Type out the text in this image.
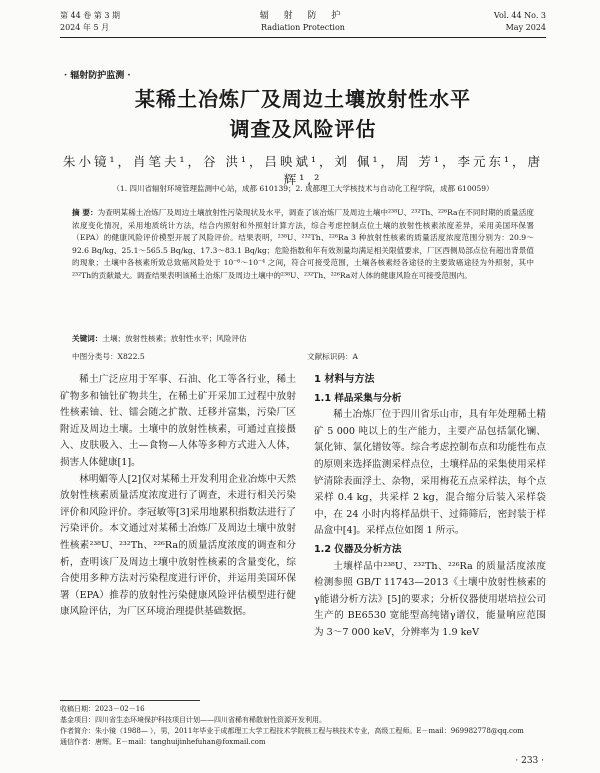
第 44 卷 第 3 期
2024 年 5 月
辐 射 防 护
Radiation Protection
Vol. 44 No. 3
May 2024
· 辐射防护监测 ·
某稀土冶炼厂及周边土壤放射性水平
调查及风险评估
朱小镜¹，肖笔夫¹，谷 洪¹，吕映斌¹，刘 佩¹，周 芳¹，李元东¹，唐 辉¹,²
（1. 四川省辐射环境管理监测中心站，成都 610139；2. 成都理工大学核技术与自动化工程学院，成都 610059）
摘 要：为查明某稀土冶炼厂及周边土壤放射性污染现状及水平，调查了该冶炼厂及周边土壤中²³⁸U、²³²Th、²²⁶Ra在不同时期的质量活度浓度变化情况，采用地质统计方法，结合内照射和外照射计算方法，综合考虑控制点位土壤的放射性核素浓度差异，采用美国环保署（EPA）的健康风险评价模型开展了风险评价。结果表明，²³⁸U、²³²Th、²²⁶Ra 3 种放射性核素的质量活度浓度范围分别为：20.9～92.6 Bq/kg、25.1～565.5 Bq/kg、17.3～83.1 Bq/kg；危险指数和年有效剂量均满足相关限值要求，厂区西侧局部点位有超出背景值的现象；土壤中各核素所致总致癌风险处于 10⁻⁶～10⁻⁴ 之间，符合可接受范围，土壤各核素经各途径的主要致癌途径为外照射，其中²³²Th的贡献最大。调查结果表明该稀土冶炼厂及周边土壤中的²³⁸U、²³²Th、²²⁶Ra对人体的健康风险在可接受范围内。
关键词：土壤；放射性核素；放射性水平；风险评估
中图分类号：X822.5	文献标识码：A

稀土广泛应用于军事、石油、化工等各行业，稀土矿物多和铀钍矿物共生，在稀土矿开采加工过程中放射性核素铀、钍、镭会随之扩散、迁移并富集，污染厂区附近及周边土壤。土壤中的放射性核素，可通过直接摄入、皮肤吸入、土—食物—人体等多种方式进入人体，损害人体健康[1]。

林明媚等人[2]仅对某稀土开发利用企业冶炼中天然放射性核素质量活度浓度进行了调查，未进行相关污染评价和风险评价。李冠敏等[3]采用地累积指数法进行了污染评价。本文通过对某稀土冶炼厂及周边土壤中放射性核素²³⁸U、²³²Th、²²⁶Ra的质量活度浓度的调查和分析，查明该厂及周边土壤中放射性核素的含量变化，综合使用多种方法对污染程度进行评价，并运用美国环保署（EPA）推荐的放射性污染健康风险评估模型进行健康风险评估，为厂区环境治理提供基础数据。

1 材料与方法
1.1 样品采集与分析

稀土冶炼厂位于四川省乐山市，具有年处理稀土精矿 5 000 吨以上的生产能力，主要产品包括氯化镧、氯化铈、氯化镨钕等。综合考虑控制布点和功能性布点的原则来选择监测采样点位，土壤样品的采集使用采样铲清除表面浮土、杂物，采用梅花五点采样法，每个点采样 0.4 kg，共采样 2 kg，混合缩分后装入采样袋中，在 24 小时内将样品烘干、过筛筛后，密封装于样品盒中[4]。采样点位如图 1 所示。

1.2 仪器及分析方法

土壤样品中²³⁸U、²³²Th、²²⁶Ra 的质量活度浓度检测参照 GB/T 11743—2013《土壤中放射性核素的γ能谱分析方法》[5]的要求；分析仪器使用堪培拉公司生产的 BE6530 宽能型高纯锗γ谱仪，能量响应范围为 3～7 000 keV，分辨率为 1.9 keV

收稿日期：2023－02－16
基金项目：四川省生态环境保护科技项目计划——四川省稀有稀散射性资源开发利用。
作者简介：朱小镜（1988— ），男，2011年毕业于成都理工大学工程技术学院核工程与核技术专业，高级工程师。E－mail：969982778@qq.com
通信作者：唐辉。E－mail：tanghuijinhefuhan@foxmail.com
· 233 ·
